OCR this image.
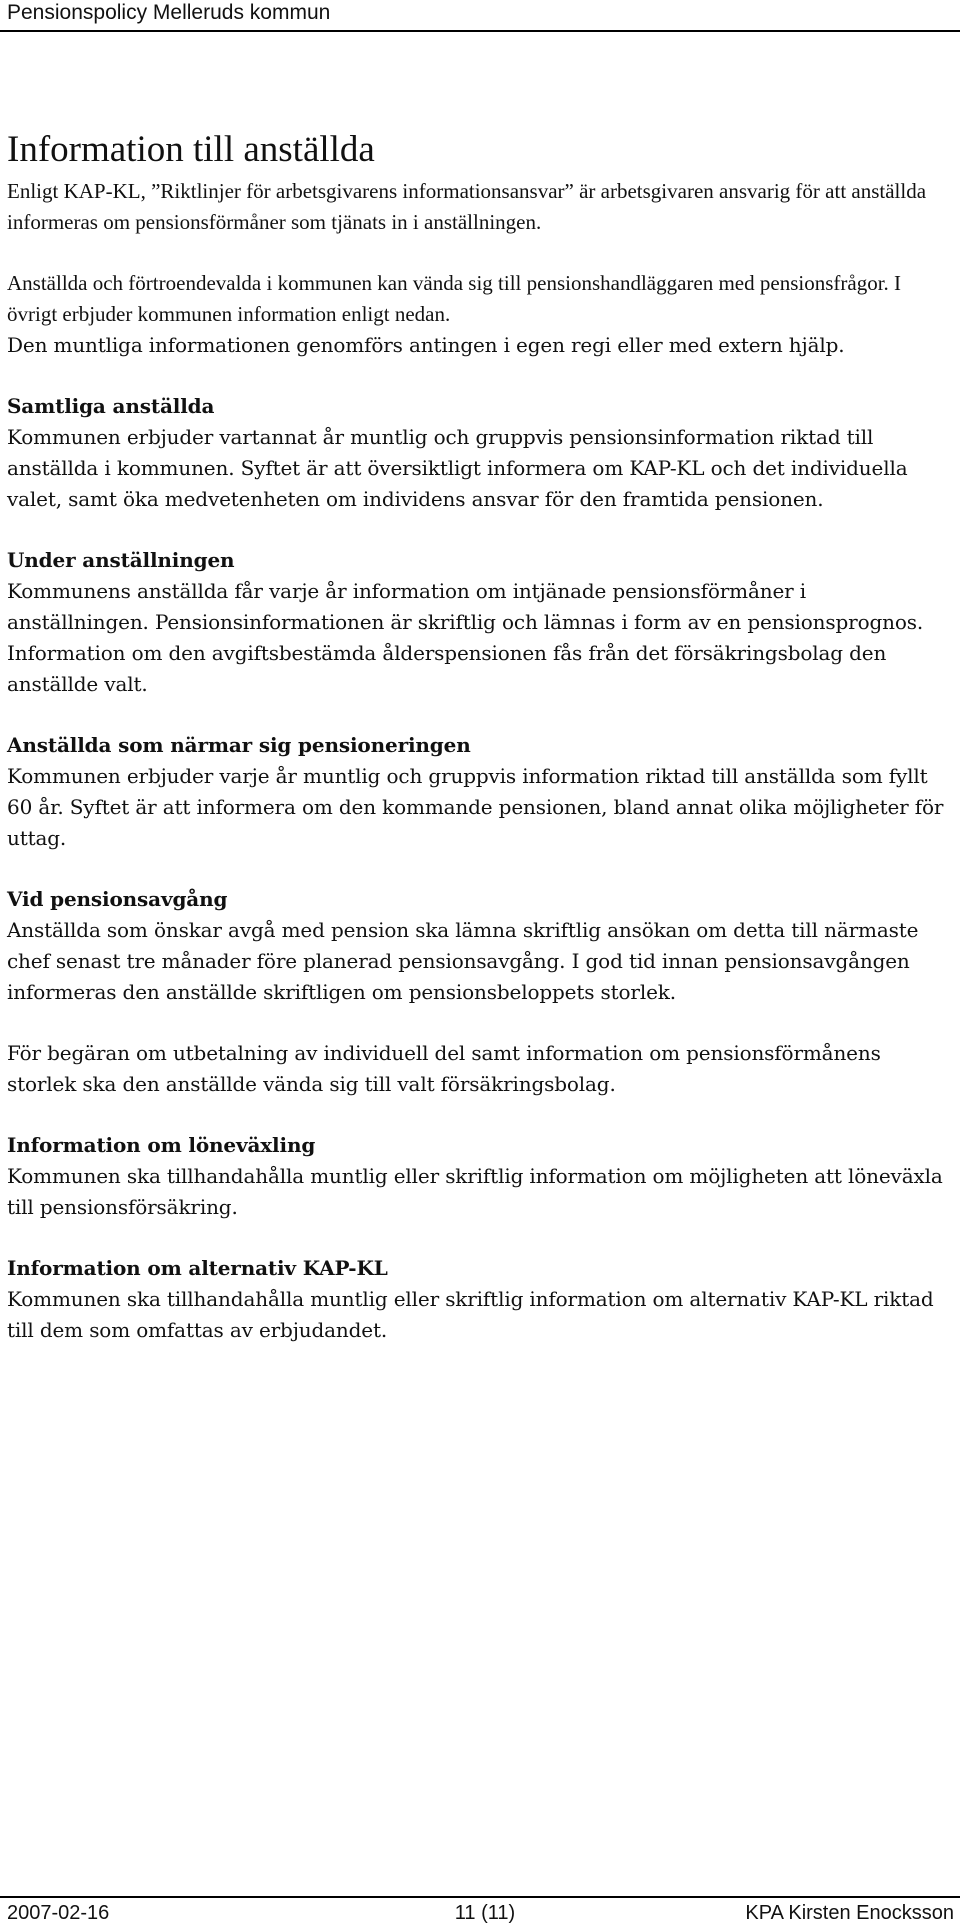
Pensionspolicy Melleruds kommun
Information till anställda

Enligt KAP-KL, ”Riktlinjer för arbetsgivarens informationsansvar” är arbetsgivaren ansvarig för att anställda informeras om pensionsförmåner som tjänats in i anställningen.

Anställda och förtroendevalda i kommunen kan vända sig till pensionshandläggaren med pensionsfrågor. I övrigt erbjuder kommunen information enligt nedan.

Den muntliga informationen genomförs antingen i egen regi eller med extern hjälp.

Samtliga anställda

Kommunen erbjuder vartannat år muntlig och gruppvis pensionsinformation riktad till anställda i kommunen. Syftet är att översiktligt informera om KAP-KL och det individuella valet, samt öka medvetenheten om individens ansvar för den framtida pensionen.

Under anställningen

Kommunens anställda får varje år information om intjänade pensionsförmåner i anställningen. Pensionsinformationen är skriftlig och lämnas i form av en pensionsprognos. Information om den avgiftsbestämda ålderspensionen fås från det försäkringsbolag den anställde valt.

Anställda som närmar sig pensioneringen

Kommunen erbjuder varje år muntlig och gruppvis information riktad till anställda som fyllt 60 år. Syftet är att informera om den kommande pensionen, bland annat olika möjligheter för uttag.

Vid pensionsavgång

Anställda som önskar avgå med pension ska lämna skriftlig ansökan om detta till närmaste chef senast tre månader före planerad pensionsavgång. I god tid innan pensionsavgången informeras den anställde skriftligen om pensionsbeloppets storlek.

För begäran om utbetalning av individuell del samt information om pensionsförmånens storlek ska den anställde vända sig till valt försäkringsbolag.

Information om löneväxling

Kommunen ska tillhandahålla muntlig eller skriftlig information om möjligheten att löneväxla till pensionsförsäkring.

Information om alternativ KAP-KL

Kommunen ska tillhandahålla muntlig eller skriftlig information om alternativ KAP-KL riktad till dem som omfattas av erbjudandet.

2007-02-16	11 (11)	KPA Kirsten Enocksson
